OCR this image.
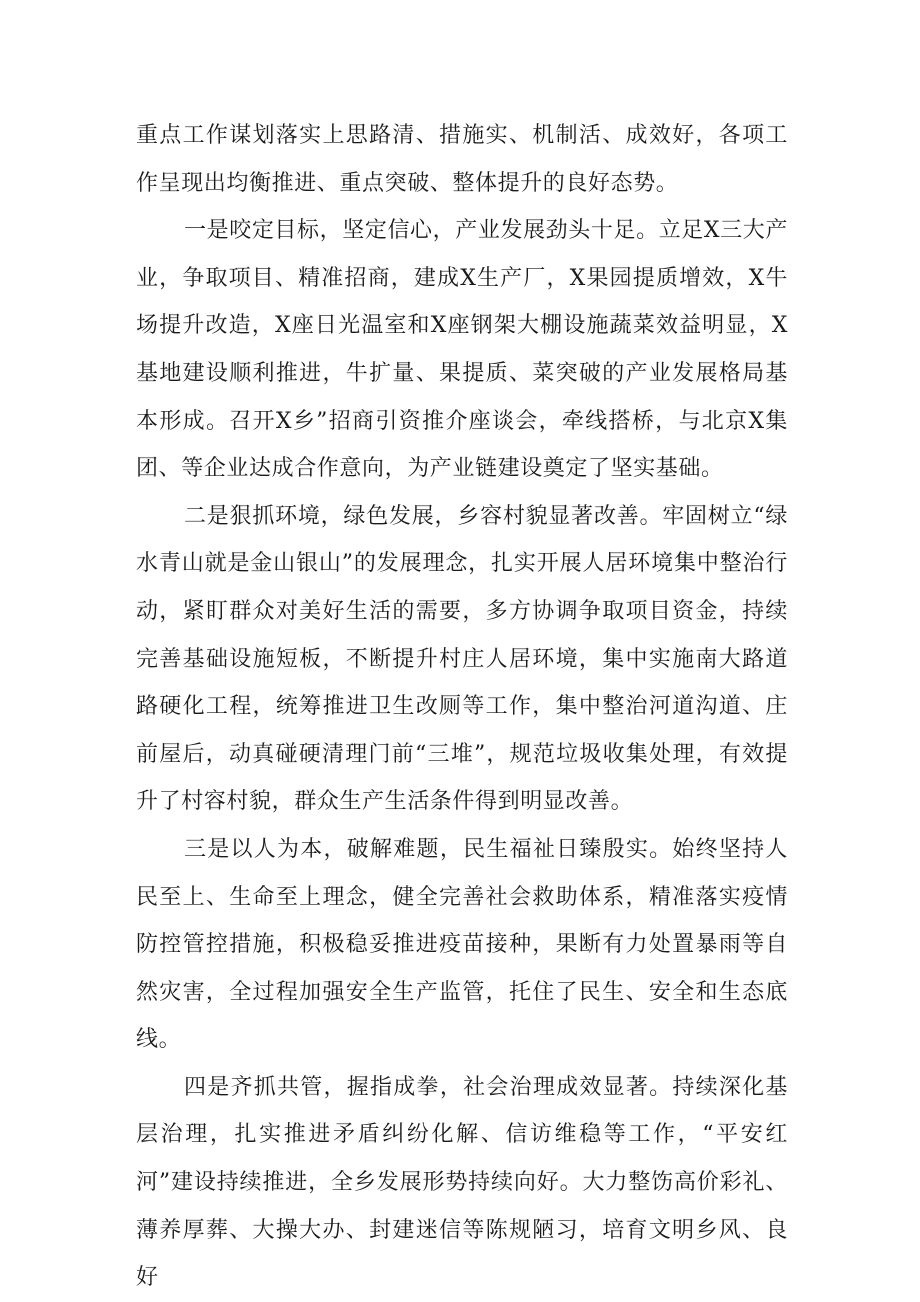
重点工作谋划落实上思路清、措施实、机制活、成效好，各项工作呈现出均衡推进、重点突破、整体提升的良好态势。

一是咬定目标，坚定信心，产业发展劲头十足。立足X三大产业，争取项目、精准招商，建成X生产厂，X果园提质增效，X牛场提升改造，X座日光温室和X座钢架大棚设施蔬菜效益明显，X基地建设顺利推进，牛扩量、果提质、菜突破的产业发展格局基本形成。召开X乡”招商引资推介座谈会，牵线搭桥，与北京X集团、等企业达成合作意向，为产业链建设奠定了坚实基础。

二是狠抓环境，绿色发展，乡容村貌显著改善。牢固树立“绿水青山就是金山银山”的发展理念，扎实开展人居环境集中整治行动，紧盯群众对美好生活的需要，多方协调争取项目资金，持续完善基础设施短板，不断提升村庄人居环境，集中实施南大路道路硬化工程，统筹推进卫生改厕等工作，集中整治河道沟道、庄前屋后，动真碰硬清理门前“三堆”，规范垃圾收集处理，有效提升了村容村貌，群众生产生活条件得到明显改善。

三是以人为本，破解难题，民生福祉日臻殷实。始终坚持人民至上、生命至上理念，健全完善社会救助体系，精准落实疫情防控管控措施，积极稳妥推进疫苗接种，果断有力处置暴雨等自然灾害，全过程加强安全生产监管，托住了民生、安全和生态底线。

四是齐抓共管，握指成拳，社会治理成效显著。持续深化基层治理，扎实推进矛盾纠纷化解、信访维稳等工作，“平安红河”建设持续推进，全乡发展形势持续向好。大力整饬高价彩礼、薄养厚葬、大操大办、封建迷信等陈规陋习，培育文明乡风、良好
